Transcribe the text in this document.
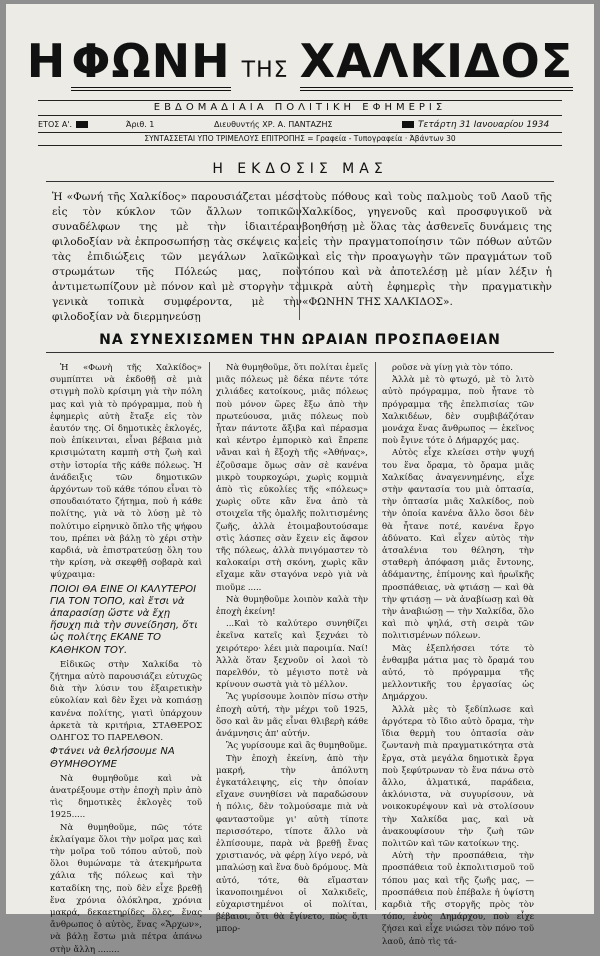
Η ΦΩΝΗ ΤΗΣ ΧΑΛΚΙΔΟΣ
ΕΒΔΟΜΑΔΙΑΙΑ ΠΟΛΙΤΙΚΗ ΕΦΗΜΕΡΙΣ
ΕΤΟΣ Α'.	Άριθ. 1	Διευθυντής ΧΡ. Α. ΠΑΝΤΑΖΗΣ	Τετάρτη 31 Ιανουαρίου 1934
ΣΥΝΤΑΣΣΕΤΑΙ ΥΠΟ ΤΡΙΜΕΛΟΥΣ ΕΠΙΤΡΟΠΗΣ = Γραφεία - Τυπογραφεία · Άβάντων 30
Η ΕΚΔΟΣΙΣ ΜΑΣ
Ἡ «Φωνή τῆς Χαλκίδος» παρουσιάζεται μέσα εἰς τὸν κύκλον τῶν ἄλλων τοπικῶν συναδέλφων της μὲ τὴν ἰδιαιτέραν φιλοδοξίαν νὰ ἐκπροσωπήσῃ τὰς σκέψεις καὶ τὰς ἐπιδιώξεις τῶν μεγάλων λαϊκῶν στρωμάτων τῆς Πόλεώς μας, ποὺ ἀντιμετωπίζουν μὲ πόνον καὶ μὲ στοργὴν τὰ γενικὰ τοπικὰ συμφέροντα, μὲ τὴν φιλοδοξίαν νὰ διερμηνεύσῃ
τοὺς πόθους καὶ τοὺς παλμοὺς τοῦ Λαοῦ τῆς Χαλκίδος, γηγενοῦς καὶ προσφυγικοῦ νὰ βοηθήσῃ μὲ ὅλας τὰς ἀσθενεῖς δυνάμεις της εἰς τὴν πραγματοποίησιν τῶν πόθων αὐτῶν καὶ εἰς τὴν προαγωγὴν τῶν πραγμάτων τοῦ τόπου καὶ νὰ ἀποτελέσῃ μὲ μίαν λέξιν ἡ μικρὰ αὐτὴ ἐφημερὶς τὴν πραγματικὴν «ΦΩΝΗΝ ΤΗΣ ΧΑΛΚΙΔΟΣ».
ΝΑ ΣΥΝΕΧΙΣΩΜΕΝ ΤΗΝ ΩΡΑΙΑΝ ΠΡΟΣΠΑΘΕΙΑΝ

Ἡ «Φωνὴ τῆς Χαλκίδος» συμπίπτει νὰ ἐκδοθῇ σὲ μιὰ στιγμὴ πολὺ κρίσιμη γιὰ τὴν πόλη μας καὶ γιὰ τὸ πρόγραμμα, ποὺ ἡ ἐφημερὶς αὐτὴ ἔταξε εἰς τὸν ἑαυτόν της. Οἱ δημοτικὲς ἐκλογές, ποὺ ἐπίκεινται, εἶναι βέβαια μιὰ κρισιμώτατη καμπὴ στὴ ζωὴ καὶ στὴν ἱστορία τῆς κάθε πόλεως. Ἡ ἀνάδειξις τῶν δημοτικῶν ἀρχόντων τοῦ κάθε τόπου εἶναι τὸ σπουδαιότατο ζήτημα, ποὺ ἡ κάθε πολίτης, γιὰ νὰ τὸ λύσῃ μὲ τὸ πολύτιμο εἰρηνικὸ ὅπλο τῆς ψήφου του, πρέπει νὰ βάλῃ τὸ χέρι στὴν καρδιά, νὰ ἐπιστρατεύσῃ ὅλη του τὴν κρίση, νὰ σκεφθῇ σοβαρὰ καὶ ψύχραιμα:

ΠΟΙΟΙ ΘΑ ΕΙΝΕ ΟΙ ΚΑΛΥΤΕΡΟΙ ΓΙΑ ΤΟΝ ΤΟΠΟ, καὶ ἔτσι νὰ ἀπαρασίσῃ ὥστε νὰ ἔχῃ ἥσυχη πιὰ τὴν συνείδηση, ὅτι ὡς πολίτης ΕΚΑΝΕ ΤΟ ΚΑΘΗΚΟΝ ΤΟΥ.

Εἰδικῶς στὴν Χαλκίδα τὸ ζήτημα αὐτὸ παρουσιάζει εὐτυχῶς διὰ τὴν λύσιν του ἐξαιρετικὴν εὐκολίαν καὶ δὲν ἔχει νὰ κοπιάσῃ κανένα πολίτης, γιατὶ ὑπάρχουν ἀρκετὰ τὰ κριτήρια, ΣΤΑΘΕΡΟΣ ΟΔΗΓΟΣ ΤΟ ΠΑΡΕΛΘΟΝ.

Φτάνει νὰ θελήσουμε ΝΑ ΘΥΜΗΘΟΥΜΕ

Νὰ θυμηθοῦμε καὶ νὰ ἀνατρέξουμε στὴν ἐποχὴ πρὶν ἀπὸ τὶς δημοτικὲς ἐκλογὲς τοῦ 1925.....

Νὰ θυμηθοῦμε, πῶς τότε ἐκλαίγαμε ὅλοι τὴν μοῖρα μας καὶ τὴν μοῖρα τοῦ τόπου αὐτοῦ, ποὺ ὅλοι θυμώναμε τὰ ἀτεκμήρωτα χάλια τῆς πόλεως καὶ τὴν καταδίκη της, ποὺ δὲν εἶχε βρεθῇ ἕνα χρόνια ὀλόκληρα, χρόνια μακρά, δεκαετηρίδες ὅλες, ἕνας ἄνθρωπος ὁ αὐτὸς, ἕνας «Ἄρχων», νὰ βάλῃ ἕστω μιὰ πέτρα ἀπάνω στὴν ἄλλη ........

Νὰ θυμηθοῦμε, ὅτι πολίται ἐμεῖς μιᾶς πόλεως μὲ δέκα πέντε τότε χιλιάδες κατοίκους, μιᾶς πόλεως ποὺ μόνον ὥρες ἔξω ἀπὸ τὴν πρωτεύουσα, μιᾶς πόλεως ποὺ ἦταν πάντοτε ἄξιβα καὶ πέρασμα καὶ κέντρο ἐμπορικὸ καὶ ἔπρεπε νἄναι καὶ ἡ ἕξοχὴ τῆς «Ἀθήνας», ἐζοῦσαμε ὅμως σὰν σὲ κανένα μικρὸ τουρκοχώρι, χωρὶς κομμιὰ ἀπὸ τὶς εὐκολίες τῆς «πόλεως» χωρὶς οὔτε κἂν ἕνα ἀπὸ τὰ στοιχεῖα τῆς ὁμαλῆς πολιτισμένης ζωῆς, ἀλλὰ ἐτοιμαβουτούσαμε στὶς λάσπες σὰν ἔχειν εἰς ἄφσον τῆς πόλεως, ἀλλὰ πνιγόμαστεν τὸ καλοκαίρι στὴ σκόνη, χωρὶς κἂν εἴχαμε κἂν σταγόνα νερὸ γιὰ νὰ πιοῦμε .....

Νὰ θυμηθοῦμε λοιπὸν καλὰ τὴν ἐποχὴ ἐκείνη!

...Καὶ τὸ καλύτερο συνηθίζει ἐκεῖνα κατεῖς καὶ ξεχνάει τὸ χειρότερο· λέει μιὰ παροιμία. Ναί! Ἀλλὰ ὅταν ξεχνοῦν οἱ λαοὶ τὸ παρελθόν, τὸ μέγιστο ποτὲ νὰ κρίνουν σωστὰ γιὰ τὸ μέλλον.

Ἂς γυρίσουμε λοιπὸν πίσω στὴν ἐποχὴ αὐτή, τὴν μέχρι τοῦ 1925, ὅσο καὶ ἂν μᾶς εἶναι θλιβερὴ κάθε ἀνάμνησις ἀπ' αὐτήν.

Ἂς γυρίσουμε καὶ ἂς θυμηθοῦμε.

Τὴν ἐποχὴ ἐκείνη, ἀπὸ τὴν μακρή, τὴν ἀπόλυτη ἐγκατάλειψης, εἰς τὴν ὁποίαν εἴχανε συνηθίσει νὰ παραδώσουν ἡ πόλις, δὲν τολμούσαμε πιὰ νὰ φανταστοῦμε γι' αὐτὴ τίποτε περισσότερο, τίποτε ἄλλο νὰ ἐλπίσουμε, παρὰ νὰ βρεθῇ ἕνας χριστιανός, νὰ φέρῃ λίγο νερό, νὰ μπαλώσῃ καὶ ἕνα δυὸ δρόμους. Μὰ αὐτό, τότε, θὰ εἴμασταν ἱκανοποιημένοι οἱ Χαλκιδεῖς, εὐχαριστημένοι οἱ πολίται, βέβαιοι, ὅτι θὰ ἔγίνετο, πὼς ὅ,τι μπορ-

ροῦσε νὰ γίνῃ γιὰ τὸν τόπο.

Ἀλλὰ μὲ τὸ φτωχό, μὲ τὸ λιτὸ αὐτὸ πρόγραμμα, ποὺ ἦτανε τὸ πρόγραμμα τῆς ἐπελπισίας τῶν Χαλκιδέων, δὲν συμβιβάζόταν μονάχα ἕνας ἄνθρωπος — ἐκεῖνος ποὺ ἔγινε τότε ὁ Δήμαρχός μας.

Αὐτὸς εἶχε κλείσει στὴν ψυχή του ἕνα ὄραμα, τὸ ὄραμα μιᾶς Χαλκίδας ἀναγεννημένης, εἶχε στὴν φαντασία του μιὰ ὁπτασία, τὴν ὀπτασία μιᾶς Χαλκίδος, ποὺ τὴν ὁποία κανένα ἄλλο ὅσοι δὲν θὰ ἦτανε ποτέ, κανένα ἔργο ἀδύνατο. Καὶ εἶχεν αὐτὸς τὴν ἀτσαλένια του θέληση, τὴν σταθερὴ ἀπόφαση μιᾶς ἔντονης, ἀδάμαντης, ἐπίμονης καὶ ἡρωϊκῆς προσπάθειας, νὰ φτιάσῃ — καὶ θὰ τὴν φτιάσῃ — νὰ ἀναβίωσῃ καὶ θὰ τὴν ἀναβιώσῃ — τὴν Χαλκίδα, ὅλο καὶ πιὸ ψηλά, στὴ σειρὰ τῶν πολιτισμένων πόλεων.

Μὰς ἐξεπλήσσει τότε τὸ ἐνθαμβα μάτια μας τὸ ὄραμά του αὐτό, τὸ πρόγραμμα τῆς μελλοντικῆς του ἐργασίας ὡς Δημάρχου.

Ἀλλὰ μὲς τὸ ξεδίπλωσε καὶ ἀργότερα τὸ ἴδιο αὐτὸ ὄραμα, τὴν ἴδια θερμὴ του ὀπτασία σὰν ζωντανὴ πιὰ πραγματικότητα στὰ ἔργα, στὰ μεγάλα δημοτικὰ ἔργα ποὺ ξεφύτρωναν τὸ ἕνα πάνω στὸ ἄλλο, ἁλματικά, παράδεια, ἀκλόνιστα, νὰ συγυρίσουν, νὰ νοικοκυρέψουν καὶ νὰ στολίσουν τὴν Χαλκίδα μας, καὶ νὰ ἀνακουφίσουν τὴν ζωὴ τῶν πολιτῶν καὶ τῶν κατοίκων της.

Αὐτὴ τὴν προσπάθεια, τὴν προσπάθεια τοῦ ἐκπολιτισμοῦ τοῦ τόπου μας καὶ τῆς ζωῆς μας, — προσπάθεια ποὺ ἐπέβαλε ἡ ὑψίστη καρδιὰ τῆς στοργῆς πρὸς τὸν τόπο, ἑνὸς Δημάρχου, ποὺ εἶχε ζήσει καὶ εἶχε νιώσει τὸν πόνο τοῦ λαοῦ, ἀπὸ τὶς τά-
